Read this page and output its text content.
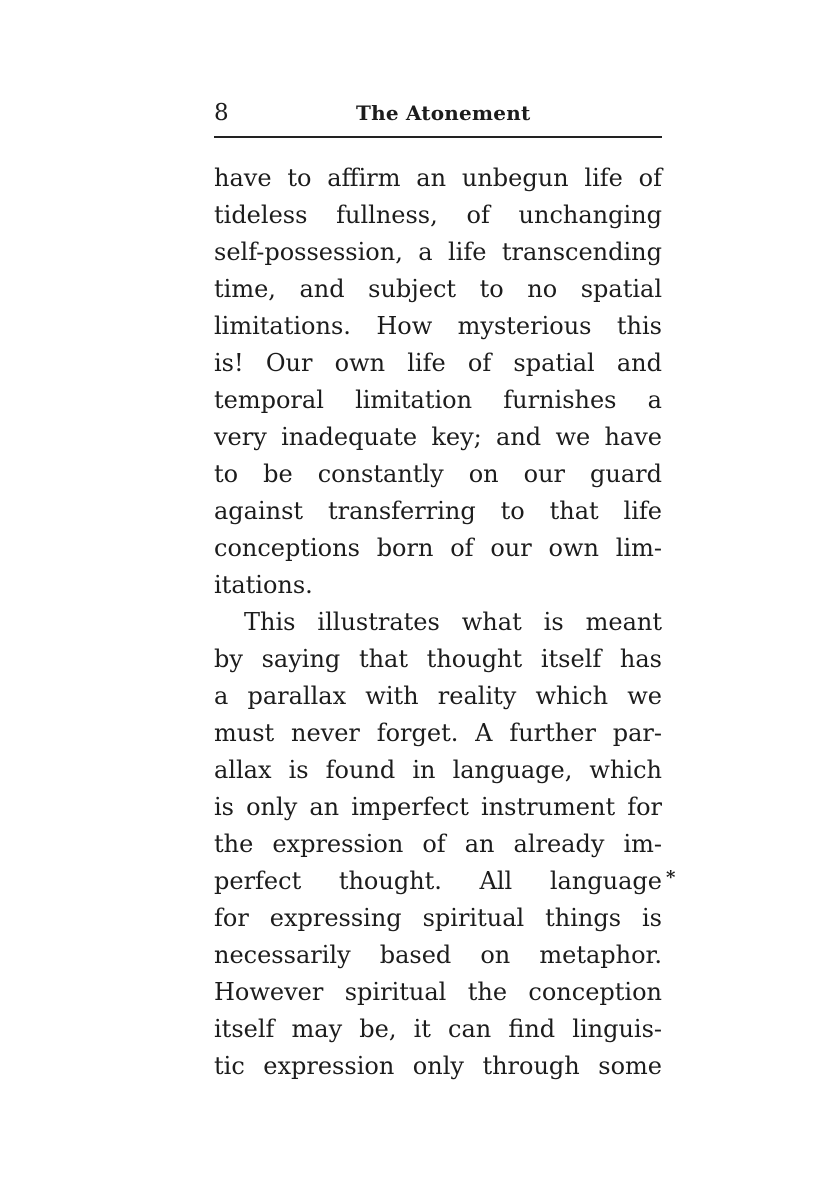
8	The Atonement
have to affirm an unbegun life of
tideless fullness, of unchanging
self-possession, a life transcending
time, and subject to no spatial
limitations. How mysterious this
is! Our own life of spatial and
temporal limitation furnishes a
very inadequate key; and we have
to be constantly on our guard
against transferring to that life
conceptions born of our own lim-
itations.
This illustrates what is meant
by saying that thought itself has
a parallax with reality which we
must never forget. A further par-
allax is found in language, which
is only an imperfect instrument for
the expression of an already im-
perfect thought. All language *
for expressing spiritual things is
necessarily based on metaphor.
However spiritual the conception
itself may be, it can find linguis-
tic expression only through some
